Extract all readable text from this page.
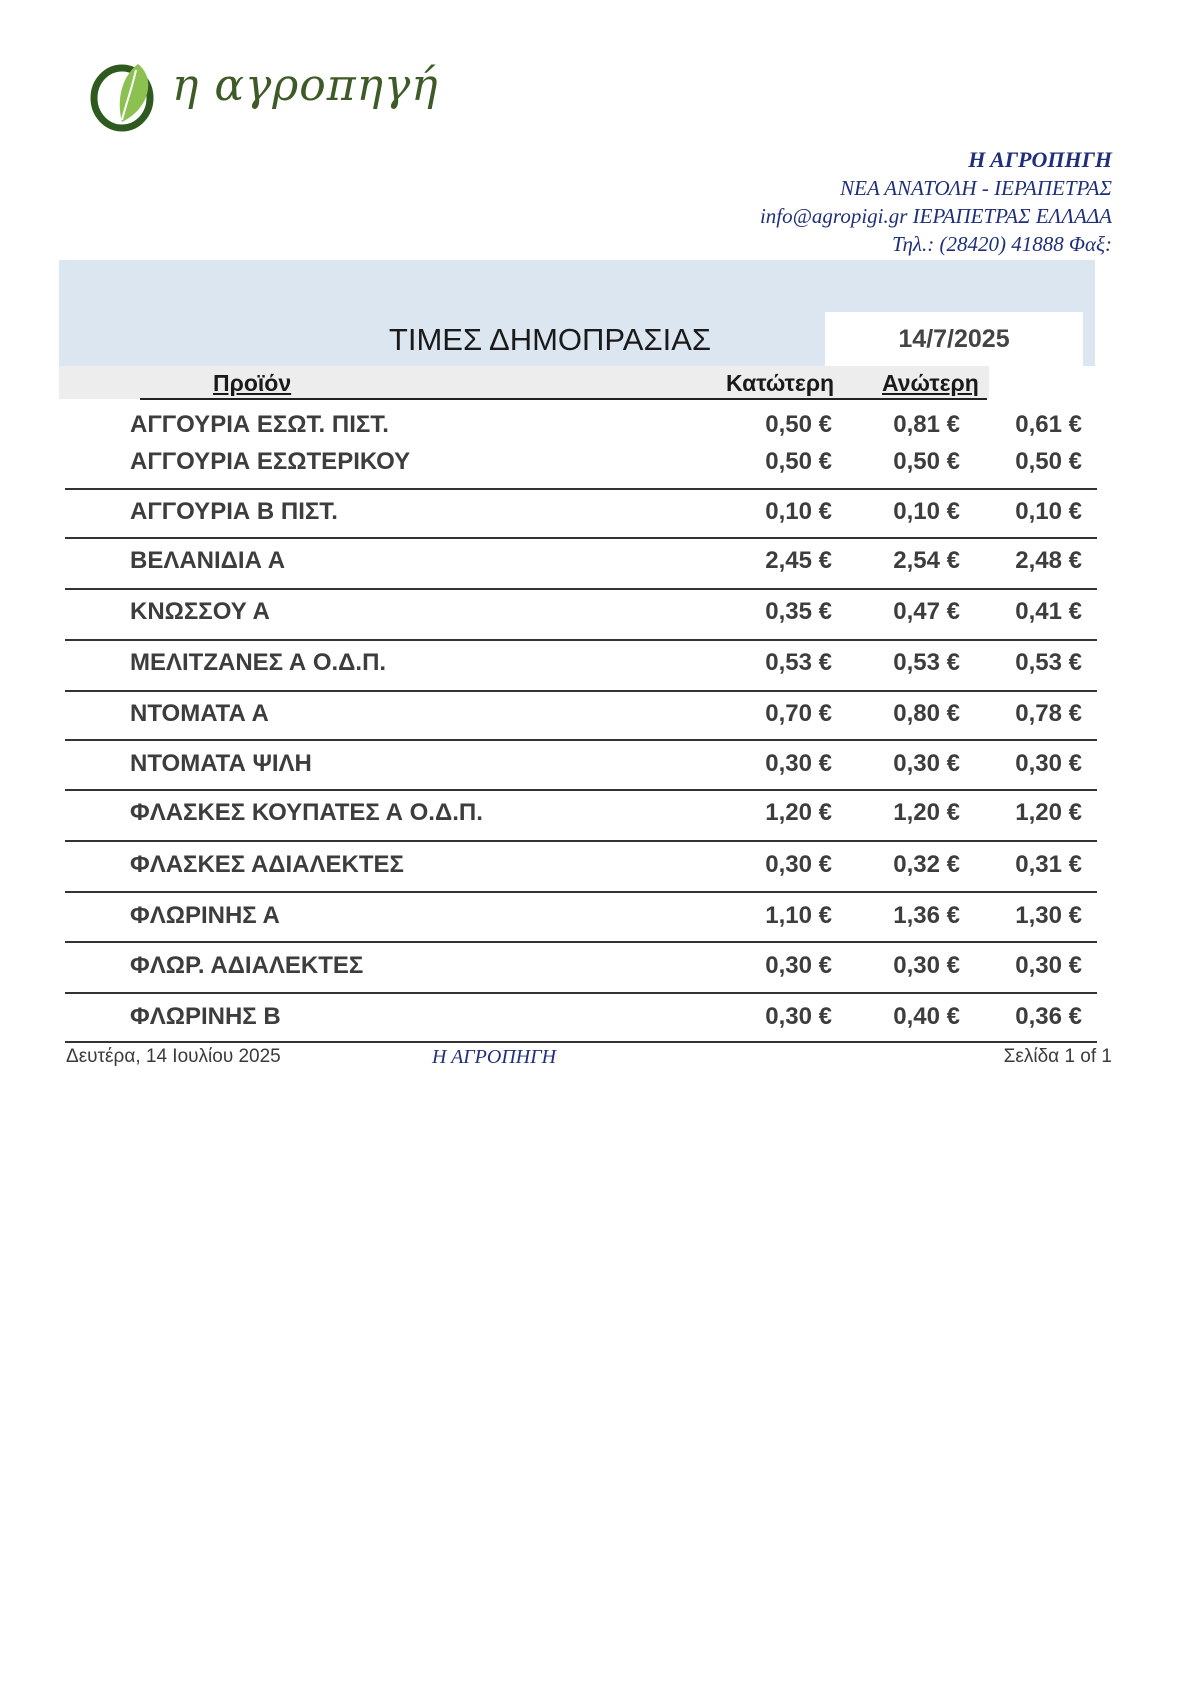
η αγροπηγή
Η ΑΓΡΟΠΗΓΗ
ΝΕΑ ΑΝΑΤΟΛΗ - ΙΕΡΑΠΕΤΡΑΣ
info@agropigi.gr ΙΕΡΑΠΕΤΡΑΣ ΕΛΛΑΔΑ
Τηλ.: (28420) 41888 Φαξ:
ΤΙΜΕΣ ΔΗΜΟΠΡΑΣΙΑΣ	14/7/2025
Προϊόν	Κατώτερη Ανώτερη
ΑΓΓΟΥΡΙΑ ΕΣΩΤ. ΠΙΣΤ.	0,50 €	0,81 € 0,61 €
ΑΓΓΟΥΡΙΑ ΕΣΩΤΕΡΙΚΟΥ	0,50 €	0,50 € 0,50 €
ΑΓΓΟΥΡΙΑ Β ΠΙΣΤ.	0,10 €	0,10 € 0,10 €
ΒΕΛΑΝΙΔΙΑ Α	2,45 €	2,54 € 2,48 €
ΚΝΩΣΣΟΥ Α	0,35 €	0,47 € 0,41 €
ΜΕΛΙΤΖΑΝΕΣ Α Ο.Δ.Π.	0,53 €	0,53 € 0,53 €
ΝΤΟΜΑΤΑ Α	0,70 €	0,80 € 0,78 €
ΝΤΟΜΑΤΑ ΨΙΛΗ	0,30 €	0,30 € 0,30 €
ΦΛΑΣΚΕΣ ΚΟΥΠΑΤΕΣ Α Ο.Δ.Π.	1,20 €	1,20 € 1,20 €
ΦΛΑΣΚΕΣ ΑΔΙΑΛΕΚΤΕΣ	0,30 €	0,32 € 0,31 €
ΦΛΩΡΙΝΗΣ Α	1,10 €	1,36 € 1,30 €
ΦΛΩΡ. ΑΔΙΑΛΕΚΤΕΣ	0,30 €	0,30 € 0,30 €
ΦΛΩΡΙΝΗΣ Β	0,30 €	0,40 € 0,36 €
Δευτέρα, 14 Ιουλίου 2025	Η ΑΓΡΟΠΗΓΗ	Σελίδα 1 of 1
